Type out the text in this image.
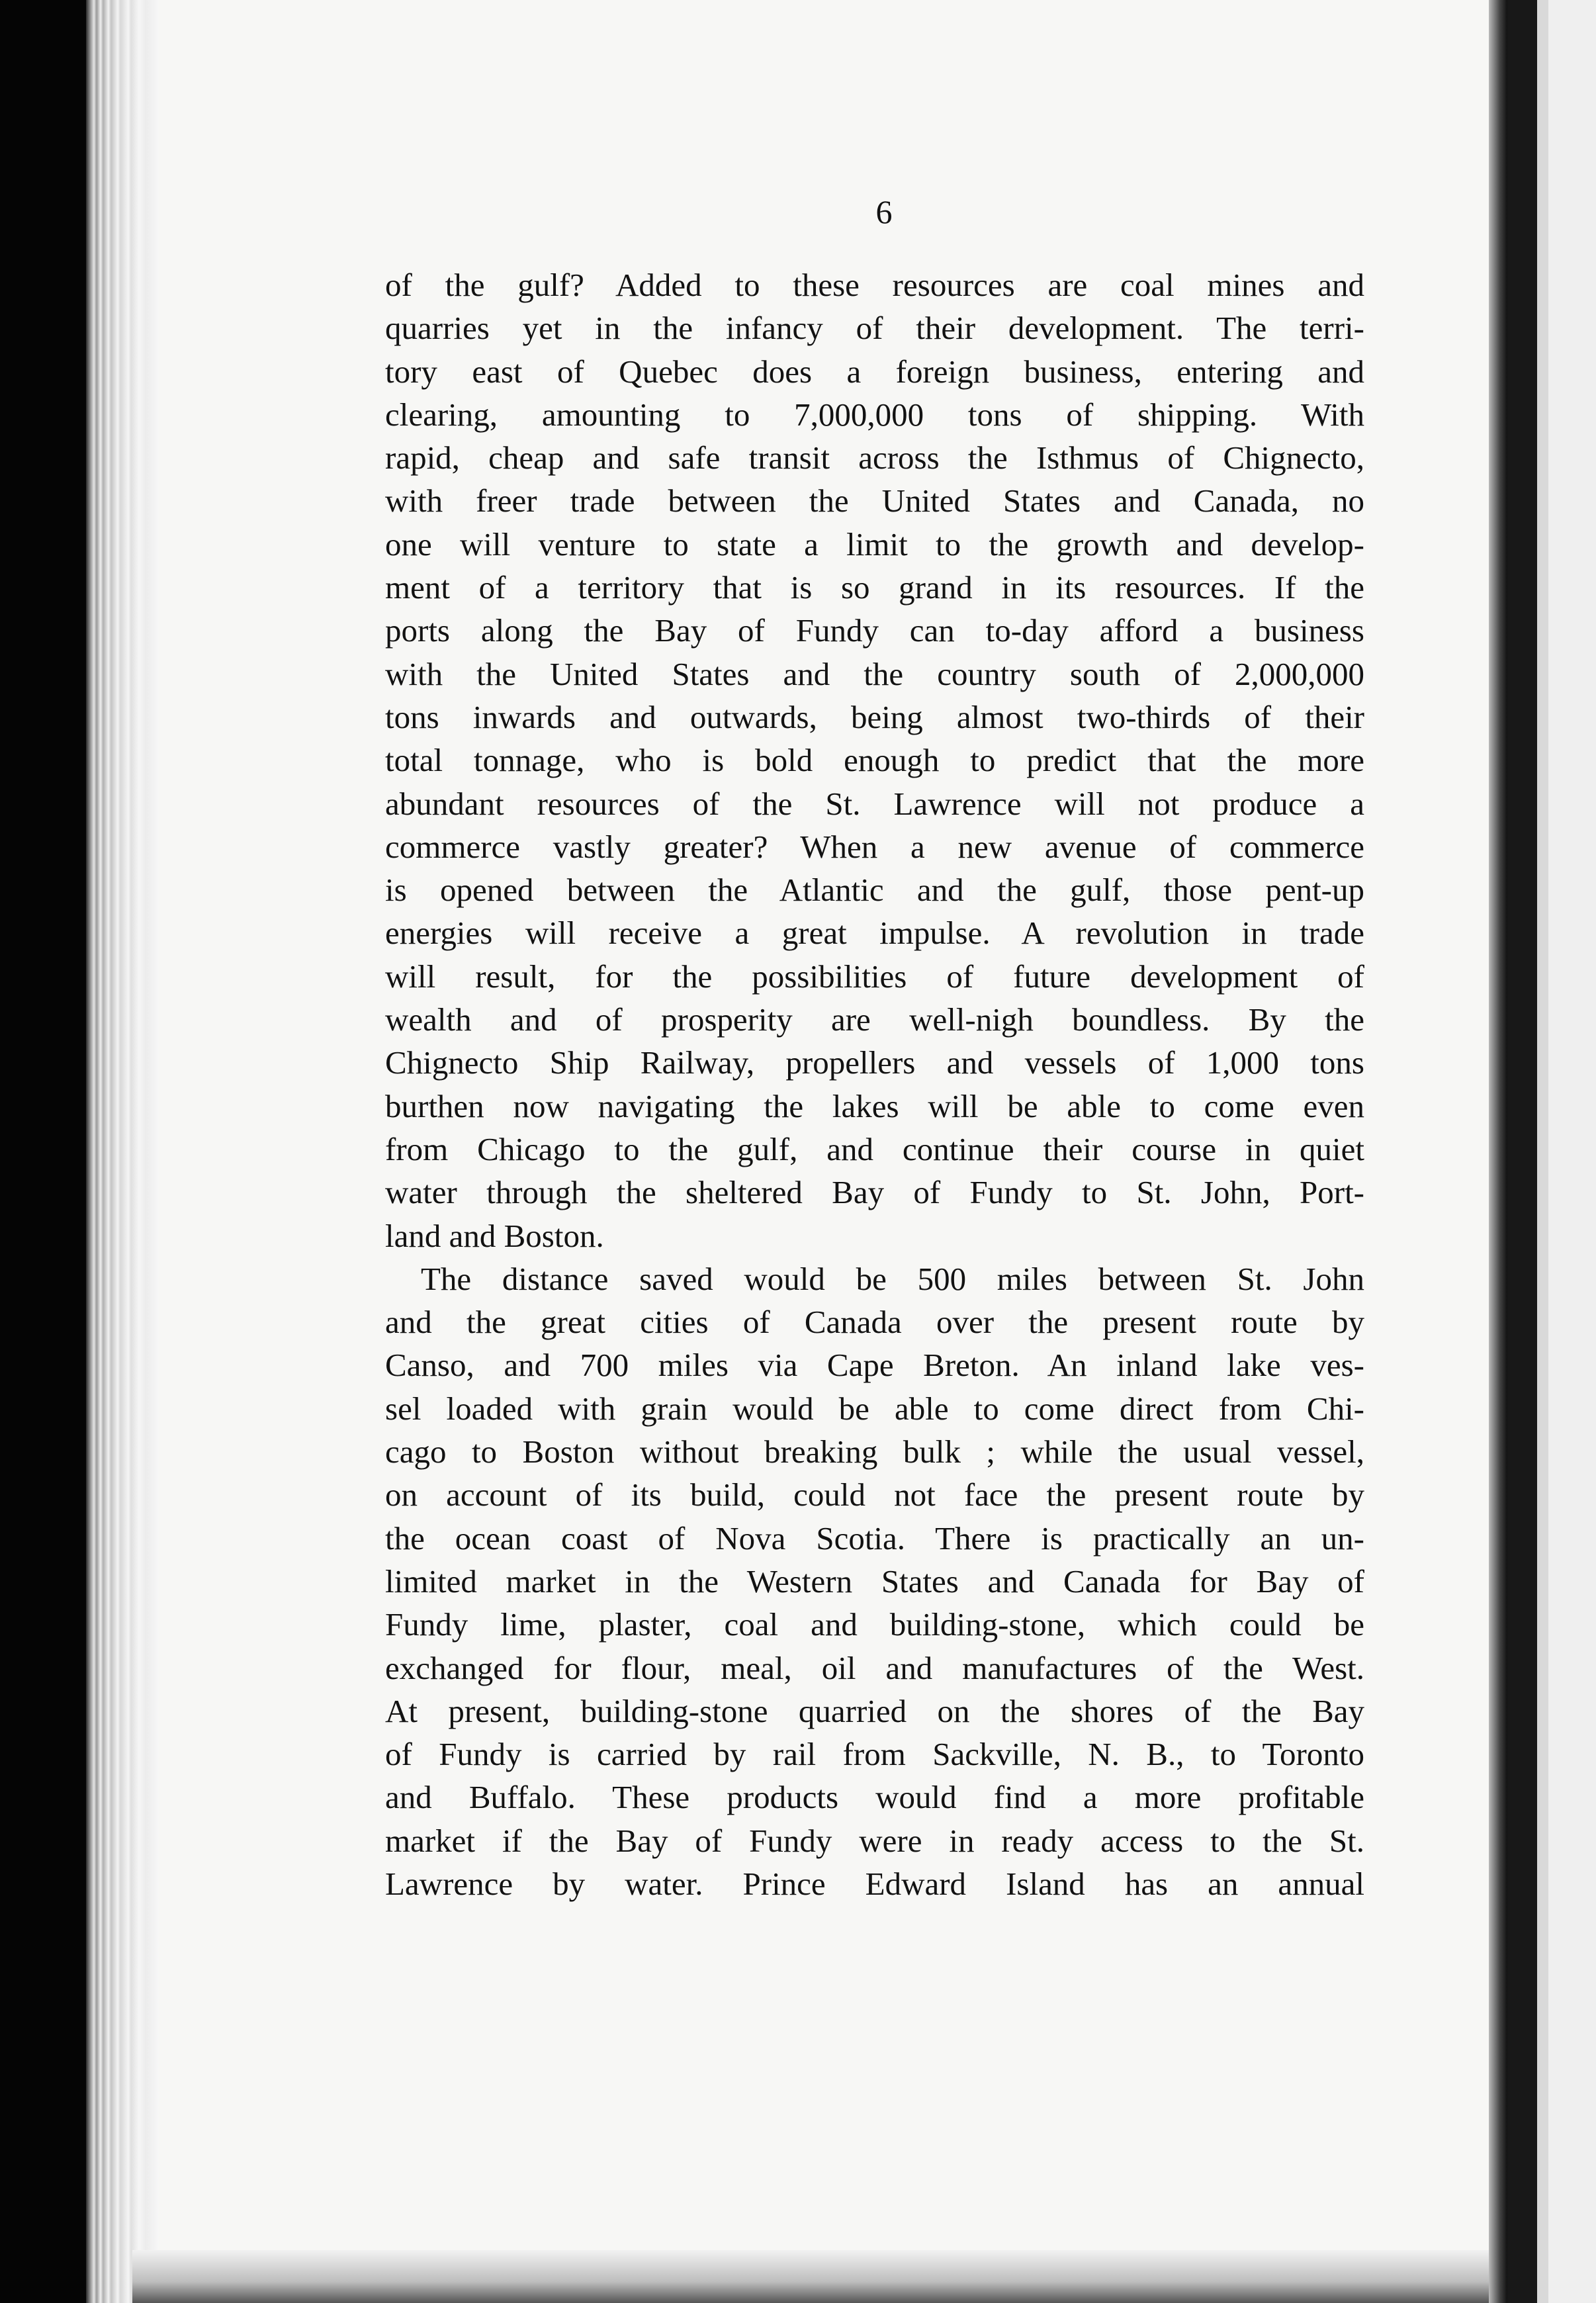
6
of the gulf? Added to these resources are coal mines and
quarries yet in the infancy of their development. The terri-
tory east of Quebec does a foreign business, entering and
clearing, amounting to 7,000,000 tons of shipping. With
rapid, cheap and safe transit across the Isthmus of Chignecto,
with freer trade between the United States and Canada, no
one will venture to state a limit to the growth and develop-
ment of a territory that is so grand in its resources. If the
ports along the Bay of Fundy can to-day afford a business
with the United States and the country south of 2,000,000
tons inwards and outwards, being almost two-thirds of their
total tonnage, who is bold enough to predict that the more
abundant resources of the St. Lawrence will not produce a
commerce vastly greater? When a new avenue of commerce
is opened between the Atlantic and the gulf, those pent-up
energies will receive a great impulse. A revolution in trade
will result, for the possibilities of future development of
wealth and of prosperity are well-nigh boundless. By the
Chignecto Ship Railway, propellers and vessels of 1,000 tons
burthen now navigating the lakes will be able to come even
from Chicago to the gulf, and continue their course in quiet
water through the sheltered Bay of Fundy to St. John, Port-
land and Boston.
The distance saved would be 500 miles between St. John
and the great cities of Canada over the present route by
Canso, and 700 miles via Cape Breton. An inland lake ves-
sel loaded with grain would be able to come direct from Chi-
cago to Boston without breaking bulk ; while the usual vessel,
on account of its build, could not face the present route by
the ocean coast of Nova Scotia. There is practically an un-
limited market in the Western States and Canada for Bay of
Fundy lime, plaster, coal and building-stone, which could be
exchanged for flour, meal, oil and manufactures of the West.
At present, building-stone quarried on the shores of the Bay
of Fundy is carried by rail from Sackville, N. B., to Toronto
and Buffalo. These products would find a more profitable
market if the Bay of Fundy were in ready access to the St.
Lawrence by water. Prince Edward Island has an annual
